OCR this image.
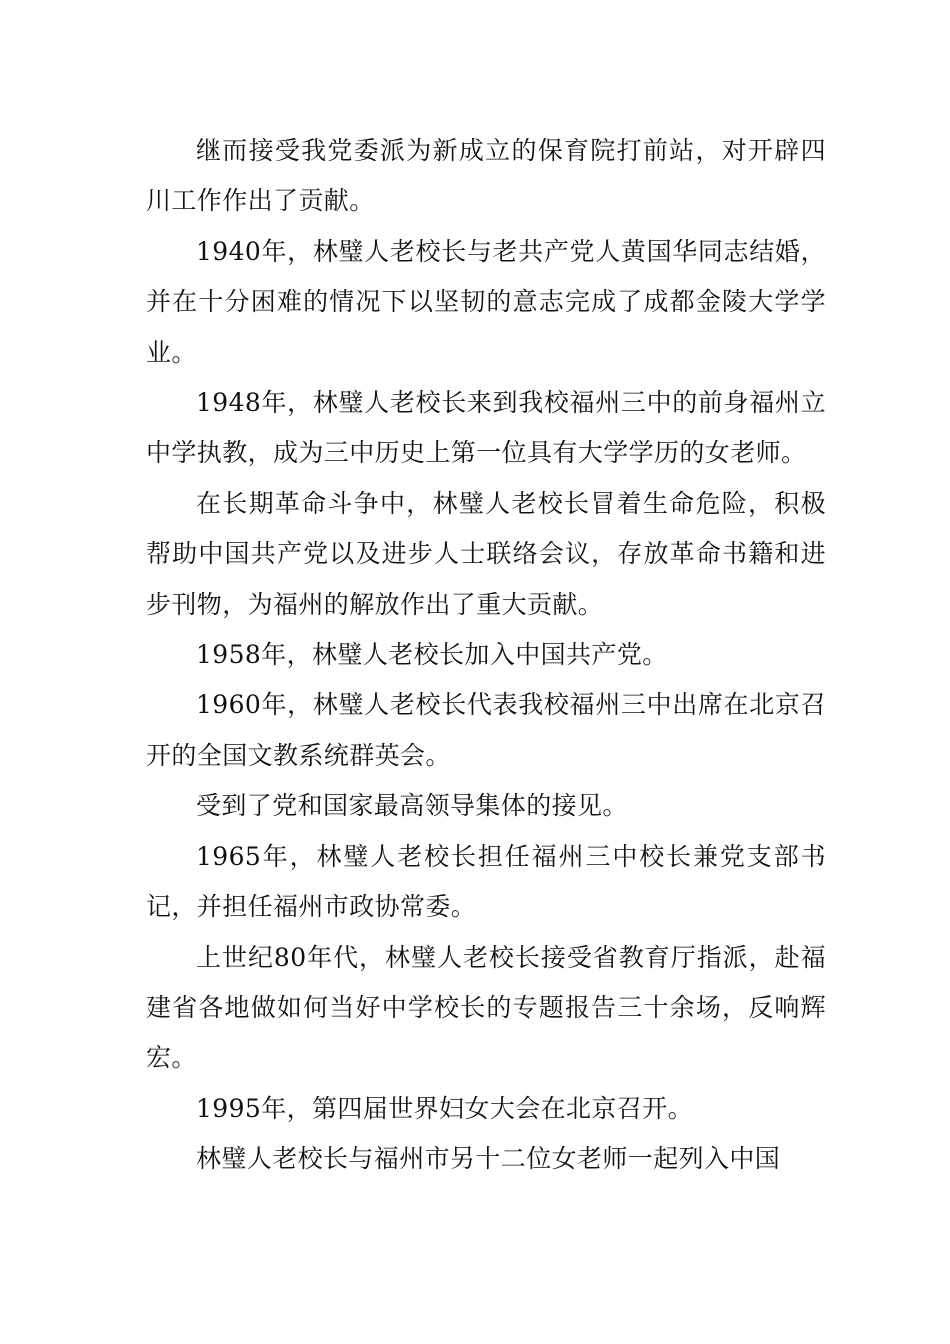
继而接受我党委派为新成立的保育院打前站，对开辟四川工作作出了贡献。

1940年，林璧人老校长与老共产党人黄国华同志结婚，并在十分困难的情况下以坚韧的意志完成了成都金陵大学学业。

1948年，林璧人老校长来到我校福州三中的前身福州立中学执教，成为三中历史上第一位具有大学学历的女老师。

在长期革命斗争中，林璧人老校长冒着生命危险，积极帮助中国共产党以及进步人士联络会议，存放革命书籍和进步刊物，为福州的解放作出了重大贡献。

1958年，林璧人老校长加入中国共产党。

1960年，林璧人老校长代表我校福州三中出席在北京召开的全国文教系统群英会。

受到了党和国家最高领导集体的接见。

1965年，林璧人老校长担任福州三中校长兼党支部书记，并担任福州市政协常委。

上世纪80年代，林璧人老校长接受省教育厅指派，赴福建省各地做如何当好中学校长的专题报告三十余场，反响辉宏。

1995年，第四届世界妇女大会在北京召开。

林璧人老校长与福州市另十二位女老师一起列入中国
